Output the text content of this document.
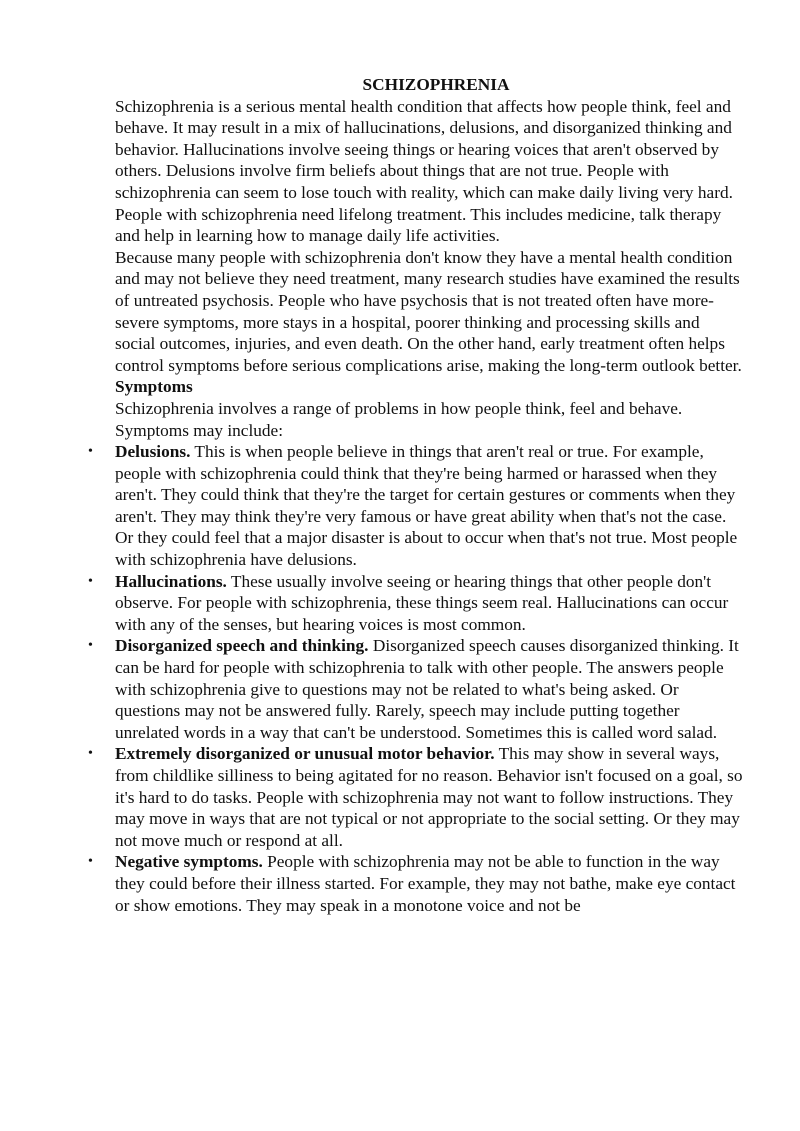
SCHIZOPHRENIA

Schizophrenia is a serious mental health condition that affects how people think, feel and behave. It may result in a mix of hallucinations, delusions, and disorganized thinking and behavior. Hallucinations involve seeing things or hearing voices that aren't observed by others. Delusions involve firm beliefs about things that are not true. People with schizophrenia can seem to lose touch with reality, which can make daily living very hard.

People with schizophrenia need lifelong treatment. This includes medicine, talk therapy and help in learning how to manage daily life activities.

Because many people with schizophrenia don't know they have a mental health condition and may not believe they need treatment, many research studies have examined the results of untreated psychosis. People who have psychosis that is not treated often have more-severe symptoms, more stays in a hospital, poorer thinking and processing skills and social outcomes, injuries, and even death. On the other hand, early treatment often helps control symptoms before serious complications arise, making the long-term outlook better.

Symptoms

Schizophrenia involves a range of problems in how people think, feel and behave. Symptoms may include:

• Delusions. This is when people believe in things that aren't real or true. For example, people with schizophrenia could think that they're being harmed or harassed when they aren't. They could think that they're the target for certain gestures or comments when they aren't. They may think they're very famous or have great ability when that's not the case. Or they could feel that a major disaster is about to occur when that's not true. Most people with schizophrenia have delusions.
• Hallucinations. These usually involve seeing or hearing things that other people don't observe. For people with schizophrenia, these things seem real. Hallucinations can occur with any of the senses, but hearing voices is most common.
• Disorganized speech and thinking. Disorganized speech causes disorganized thinking. It can be hard for people with schizophrenia to talk with other people. The answers people with schizophrenia give to questions may not be related to what's being asked. Or questions may not be answered fully. Rarely, speech may include putting together unrelated words in a way that can't be understood. Sometimes this is called word salad.
• Extremely disorganized or unusual motor behavior. This may show in several ways, from childlike silliness to being agitated for no reason. Behavior isn't focused on a goal, so it's hard to do tasks. People with schizophrenia may not want to follow instructions. They may move in ways that are not typical or not appropriate to the social setting. Or they may not move much or respond at all.
• Negative symptoms. People with schizophrenia may not be able to function in the way they could before their illness started. For example, they may not bathe, make eye contact or show emotions. They may speak in a monotone voice and not be
